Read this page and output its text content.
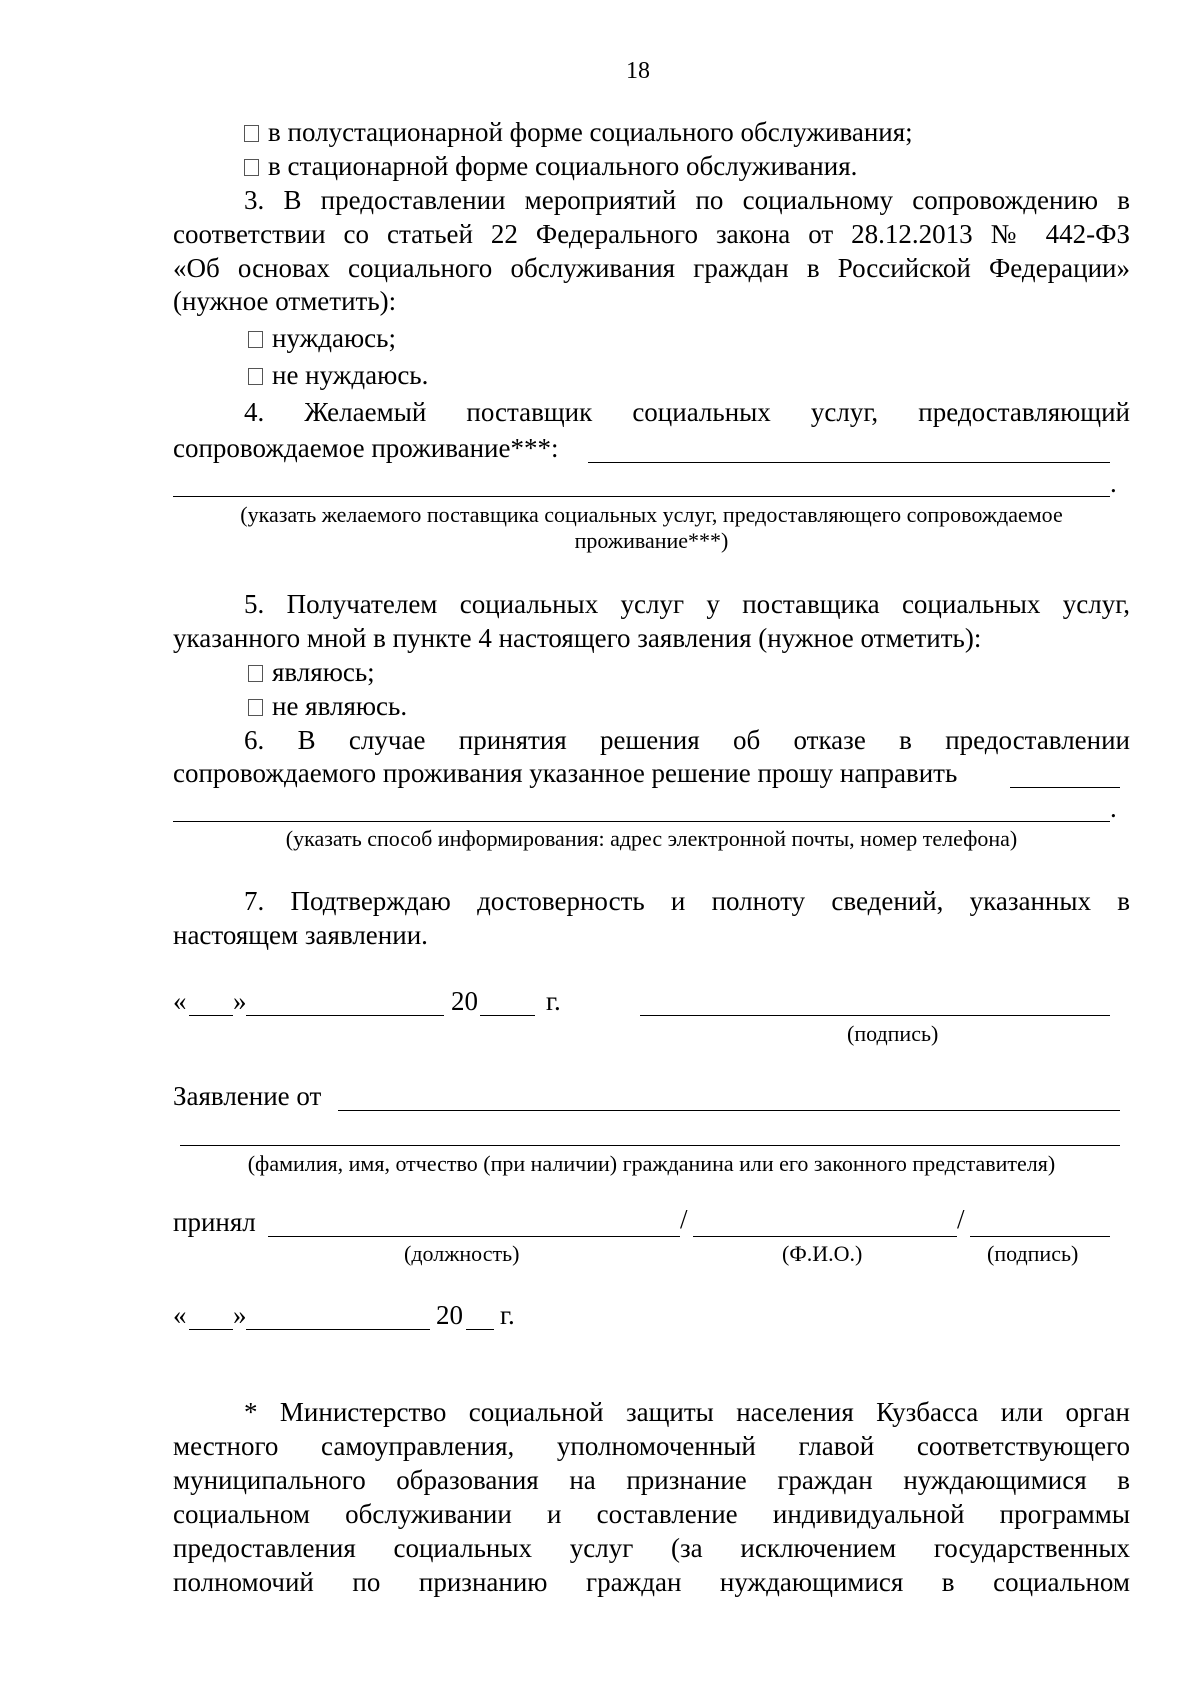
18
в полустационарной форме социального обслуживания;
в стационарной форме социального обслуживания.
3. В предоставлении мероприятий по социальному сопровождению в
соответствии со статьей 22 Федерального закона от 28.12.2013 № 442-ФЗ
«Об основах социального обслуживания граждан в Российской Федерации»
(нужное отметить):
нуждаюсь;
не нуждаюсь.
4. Желаемый поставщик социальных услуг, предоставляющий
сопровождаемое проживание***:
.
(указать желаемого поставщика социальных услуг, предоставляющего сопровождаемое
проживание***)
5. Получателем социальных услуг у поставщика социальных услуг,
указанного мной в пункте 4 настоящего заявления (нужное отметить):
являюсь;
не являюсь.
6. В случае принятия решения об отказе в предоставлении
сопровождаемого проживания указанное решение прошу направить
.
(указать способ информирования: адрес электронной почты, номер телефона)
7. Подтверждаю достоверность и полноту сведений, указанных в
настоящем заявлении.
« »	20	г.
(подпись)
Заявление от
(фамилия, имя, отчество (при наличии) гражданина или его законного представителя)
принял	/	/
(должность)	(Ф.И.О.)	(подпись)
« »	20 г.
* Министерство социальной защиты населения Кузбасса или орган
местного самоуправления, уполномоченный главой соответствующего
муниципального образования на признание граждан нуждающимися в
социальном обслуживании и составление индивидуальной программы
предоставления социальных услуг (за исключением государственных
полномочий по признанию граждан нуждающимися в социальном
